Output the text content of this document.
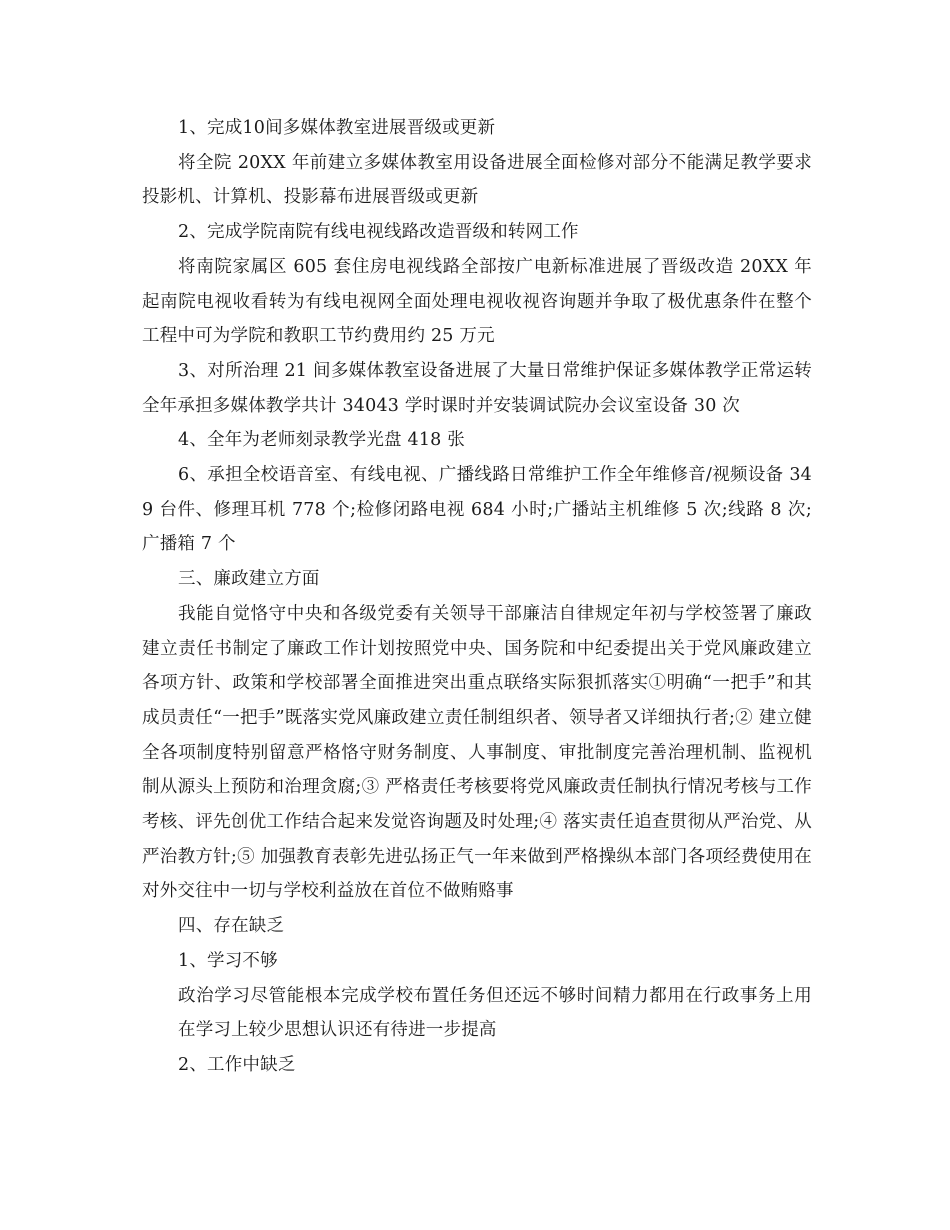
1、完成10间多媒体教室进展晋级或更新

将全院 20XX 年前建立多媒体教室用设备进展全面检修对部分不能满足教学要求投影机、计算机、投影幕布进展晋级或更新

2、完成学院南院有线电视线路改造晋级和转网工作

将南院家属区 605 套住房电视线路全部按广电新标准进展了晋级改造 20XX 年起南院电视收看转为有线电视网全面处理电视收视咨询题并争取了极优惠条件在整个工程中可为学院和教职工节约费用约 25 万元

3、对所治理 21 间多媒体教室设备进展了大量日常维护保证多媒体教学正常运转全年承担多媒体教学共计 34043 学时课时并安装调试院办会议室设备 30 次

4、全年为老师刻录教学光盘 418 张

6、承担全校语音室、有线电视、广播线路日常维护工作全年维修音/视频设备 349 台件、修理耳机 778 个;检修闭路电视 684 小时;广播站主机维修 5 次;线路 8 次;广播箱 7 个

三、廉政建立方面

我能自觉恪守中央和各级党委有关领导干部廉洁自律规定年初与学校签署了廉政建立责任书制定了廉政工作计划按照党中央、国务院和中纪委提出关于党风廉政建立各项方针、政策和学校部署全面推进突出重点联络实际狠抓落实①明确“一把手”和其成员责任“一把手”既落实党风廉政建立责任制组织者、领导者又详细执行者;② 建立健全各项制度特别留意严格恪守财务制度、人事制度、审批制度完善治理机制、监视机制从源头上预防和治理贪腐;③ 严格责任考核要将党风廉政责任制执行情况考核与工作考核、评先创优工作结合起来发觉咨询题及时处理;④ 落实责任追查贯彻从严治党、从严治教方针;⑤ 加强教育表彰先进弘扬正气一年来做到严格操纵本部门各项经费使用在对外交往中一切与学校利益放在首位不做贿赂事

四、存在缺乏

1、学习不够

政治学习尽管能根本完成学校布置任务但还远不够时间精力都用在行政事务上用在学习上较少思想认识还有待进一步提高

2、工作中缺乏
